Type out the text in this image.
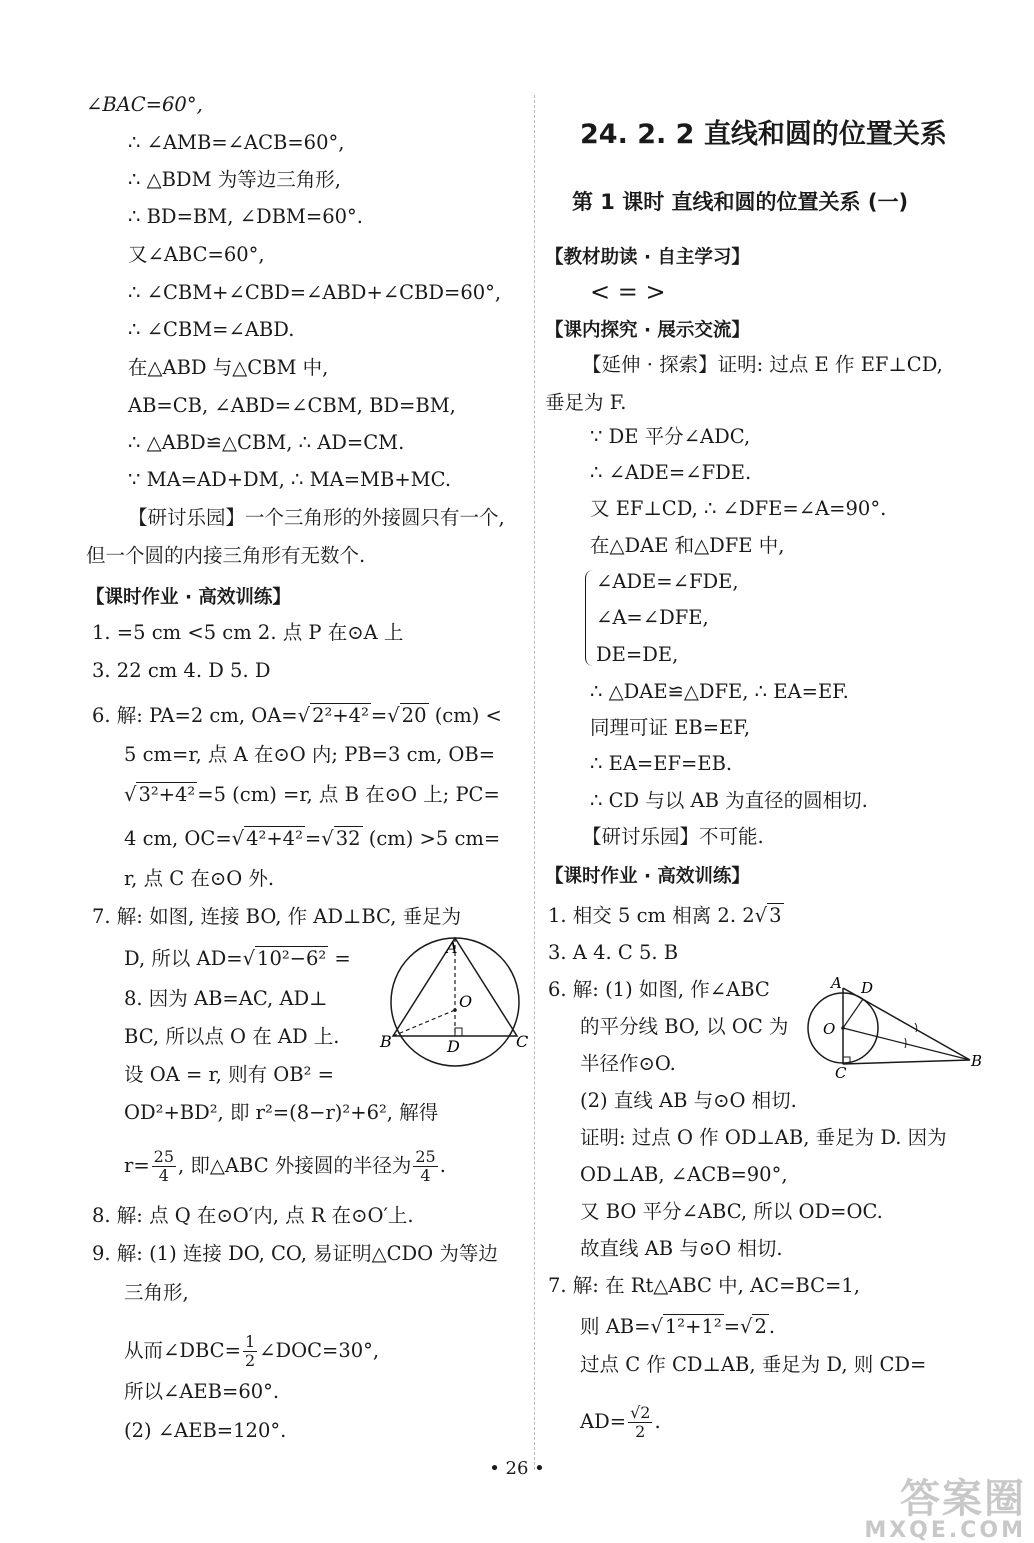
∠BAC=60°,
∴ ∠AMB=∠ACB=60°,
∴ △BDM 为等边三角形,
∴ BD=BM, ∠DBM=60°.
又∠ABC=60°,
∴ ∠CBM+∠CBD=∠ABD+∠CBD=60°,
∴ ∠CBM=∠ABD.
在△ABD 与△CBM 中,
AB=CB, ∠ABD=∠CBM, BD=BM,
∴ △ABD≌△CBM, ∴ AD=CM.
∵ MA=AD+DM, ∴ MA=MB+MC.
【研讨乐园】一个三角形的外接圆只有一个,
但一个圆的内接三角形有无数个.
【课时作业 · 高效训练】
1. =5 cm <5 cm 2. 点 P 在⊙A 上
3. 22 cm 4. D 5. D
6. 解: PA=2 cm, OA=√ 2²+4² =√ 20 (cm) <
5 cm=r, 点 A 在⊙O 内; PB=3 cm, OB=
√ 3²+4² =5 (cm) =r, 点 B 在⊙O 上; PC=
4 cm, OC=√ 4²+4² =√ 32 (cm) >5 cm=
r, 点 C 在⊙O 外.
7. 解: 如图, 连接 BO, 作 AD⊥BC, 垂足为
D, 所以 AD=√ 10²−6² =
8. 因为 AB=AC, AD⊥
BC, 所以点 O 在 AD 上.
设 OA = r, 则有 OB² =
OD²+BD², 即 r²=(8−r)²+6², 解得
$r= \frac{25}{4}$ , 即△ABC 外接圆的半径为 $\frac{25}{4}$ .
8. 解: 点 Q 在⊙O′内, 点 R 在⊙O′上.
9. 解: (1) 连接 DO, CO, 易证明△CDO 为等边
三角形,
从而∠DBC= $\frac{1}{2}$ ∠DOC=30°,
所以∠AEB=60°.
(2) ∠AEB=120°.
A
O
B	C
D
24. 2. 2 直线和圆的位置关系
第 1 课时 直线和圆的位置关系 (一)
【教材助读 · 自主学习】
< = >
【课内探究 · 展示交流】
【延伸 · 探索】证明: 过点 E 作 EF⊥CD,
垂足为 F.
∵ DE 平分∠ADC,
∴ ∠ADE=∠FDE.
又 EF⊥CD, ∴ ∠DFE=∠A=90°.
在△DAE 和△DFE 中,
∠ADE=∠FDE,
∠A=∠DFE,
DE=DE,
∴ △DAE≌△DFE, ∴ EA=EF.
同理可证 EB=EF,
∴ EA=EF=EB.
∴ CD 与以 AB 为直径的圆相切.
【研讨乐园】不可能.
【课时作业 · 高效训练】
1. 相交 5 cm 相离 2. 2√ 3
3. A 4. C 5. B
6. 解: (1) 如图, 作∠ABC
的平分线 BO, 以 OC 为
半径作⊙O.
(2) 直线 AB 与⊙O 相切.
证明: 过点 O 作 OD⊥AB, 垂足为 D. 因为
OD⊥AB, ∠ACB=90°,
又 BO 平分∠ABC, 所以 OD=OC.
故直线 AB 与⊙O 相切.
7. 解: 在 Rt△ABC 中, AC=BC=1,
则 AB=√ 1²+1² =√ 2 .
过点 C 作 CD⊥AB, 垂足为 D, 则 CD=
$AD= \frac{√2}{2}$ .
A D
O
C
B
• 26 •
答案圈
MXQE.COM
